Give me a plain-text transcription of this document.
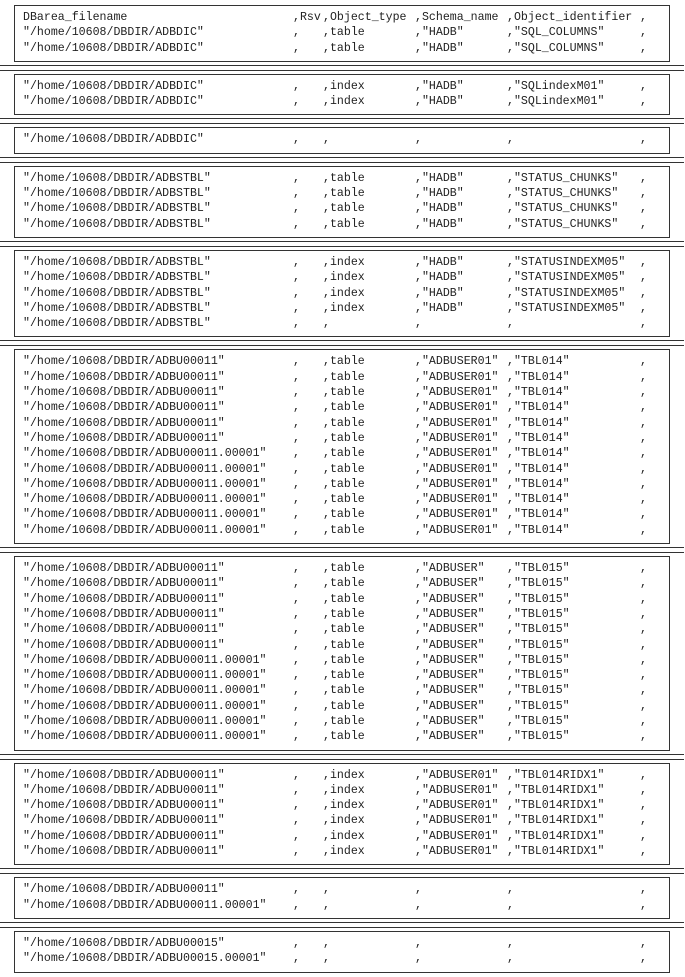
DBarea_filename	,Rsv ,Object_type ,Schema_name ,Object_identifier ,
"/home/10608/DBDIR/ADBDIC"	, ,table	,"HADB"	,"SQL_COLUMNS"	,
"/home/10608/DBDIR/ADBDIC"	, ,table	,"HADB"	,"SQL_COLUMNS"	,
"/home/10608/DBDIR/ADBDIC"	, ,index	,"HADB"	,"SQLindexM01"	,
"/home/10608/DBDIR/ADBDIC"	, ,index	,"HADB"	,"SQLindexM01"	,
"/home/10608/DBDIR/ADBDIC"	, ,	,	,	,
"/home/10608/DBDIR/ADBSTBL"	, ,table	,"HADB"	,"STATUS_CHUNKS" ,
"/home/10608/DBDIR/ADBSTBL"	, ,table	,"HADB"	,"STATUS_CHUNKS" ,
"/home/10608/DBDIR/ADBSTBL"	, ,table	,"HADB"	,"STATUS_CHUNKS" ,
"/home/10608/DBDIR/ADBSTBL"	, ,table	,"HADB"	,"STATUS_CHUNKS" ,
"/home/10608/DBDIR/ADBSTBL"	, ,index	,"HADB"	,"STATUSINDEXM05" ,
"/home/10608/DBDIR/ADBSTBL"	, ,index	,"HADB"	,"STATUSINDEXM05" ,
"/home/10608/DBDIR/ADBSTBL"	, ,index	,"HADB"	,"STATUSINDEXM05" ,
"/home/10608/DBDIR/ADBSTBL"	, ,index	,"HADB"	,"STATUSINDEXM05" ,
"/home/10608/DBDIR/ADBSTBL"	, ,	,	,	,
"/home/10608/DBDIR/ADBU00011"	, ,table	,"ADBUSER01" ,"TBL014"	,
"/home/10608/DBDIR/ADBU00011"	, ,table	,"ADBUSER01" ,"TBL014"	,
"/home/10608/DBDIR/ADBU00011"	, ,table	,"ADBUSER01" ,"TBL014"	,
"/home/10608/DBDIR/ADBU00011"	, ,table	,"ADBUSER01" ,"TBL014"	,
"/home/10608/DBDIR/ADBU00011"	, ,table	,"ADBUSER01" ,"TBL014"	,
"/home/10608/DBDIR/ADBU00011"	, ,table	,"ADBUSER01" ,"TBL014"	,
"/home/10608/DBDIR/ADBU00011.00001" , ,table	,"ADBUSER01" ,"TBL014"	,
"/home/10608/DBDIR/ADBU00011.00001" , ,table	,"ADBUSER01" ,"TBL014"	,
"/home/10608/DBDIR/ADBU00011.00001" , ,table	,"ADBUSER01" ,"TBL014"	,
"/home/10608/DBDIR/ADBU00011.00001" , ,table	,"ADBUSER01" ,"TBL014"	,
"/home/10608/DBDIR/ADBU00011.00001" , ,table	,"ADBUSER01" ,"TBL014"	,
"/home/10608/DBDIR/ADBU00011.00001" , ,table	,"ADBUSER01" ,"TBL014"	,
"/home/10608/DBDIR/ADBU00011"	, ,table	,"ADBUSER" ,"TBL015"	,
"/home/10608/DBDIR/ADBU00011"	, ,table	,"ADBUSER" ,"TBL015"	,
"/home/10608/DBDIR/ADBU00011"	, ,table	,"ADBUSER" ,"TBL015"	,
"/home/10608/DBDIR/ADBU00011"	, ,table	,"ADBUSER" ,"TBL015"	,
"/home/10608/DBDIR/ADBU00011"	, ,table	,"ADBUSER" ,"TBL015"	,
"/home/10608/DBDIR/ADBU00011"	, ,table	,"ADBUSER" ,"TBL015"	,
"/home/10608/DBDIR/ADBU00011.00001" , ,table	,"ADBUSER" ,"TBL015"	,
"/home/10608/DBDIR/ADBU00011.00001" , ,table	,"ADBUSER" ,"TBL015"	,
"/home/10608/DBDIR/ADBU00011.00001" , ,table	,"ADBUSER" ,"TBL015"	,
"/home/10608/DBDIR/ADBU00011.00001" , ,table	,"ADBUSER" ,"TBL015"	,
"/home/10608/DBDIR/ADBU00011.00001" , ,table	,"ADBUSER" ,"TBL015"	,
"/home/10608/DBDIR/ADBU00011.00001" , ,table	,"ADBUSER" ,"TBL015"	,
"/home/10608/DBDIR/ADBU00011"	, ,index	,"ADBUSER01" ,"TBL014RIDX1"	,
"/home/10608/DBDIR/ADBU00011"	, ,index	,"ADBUSER01" ,"TBL014RIDX1"	,
"/home/10608/DBDIR/ADBU00011"	, ,index	,"ADBUSER01" ,"TBL014RIDX1"	,
"/home/10608/DBDIR/ADBU00011"	, ,index	,"ADBUSER01" ,"TBL014RIDX1"	,
"/home/10608/DBDIR/ADBU00011"	, ,index	,"ADBUSER01" ,"TBL014RIDX1"	,
"/home/10608/DBDIR/ADBU00011"	, ,index	,"ADBUSER01" ,"TBL014RIDX1"	,
"/home/10608/DBDIR/ADBU00011"	, ,	,	,	,
"/home/10608/DBDIR/ADBU00011.00001" , ,	,	,	,
"/home/10608/DBDIR/ADBU00015"	, ,	,	,	,
"/home/10608/DBDIR/ADBU00015.00001" , ,	,	,	,
